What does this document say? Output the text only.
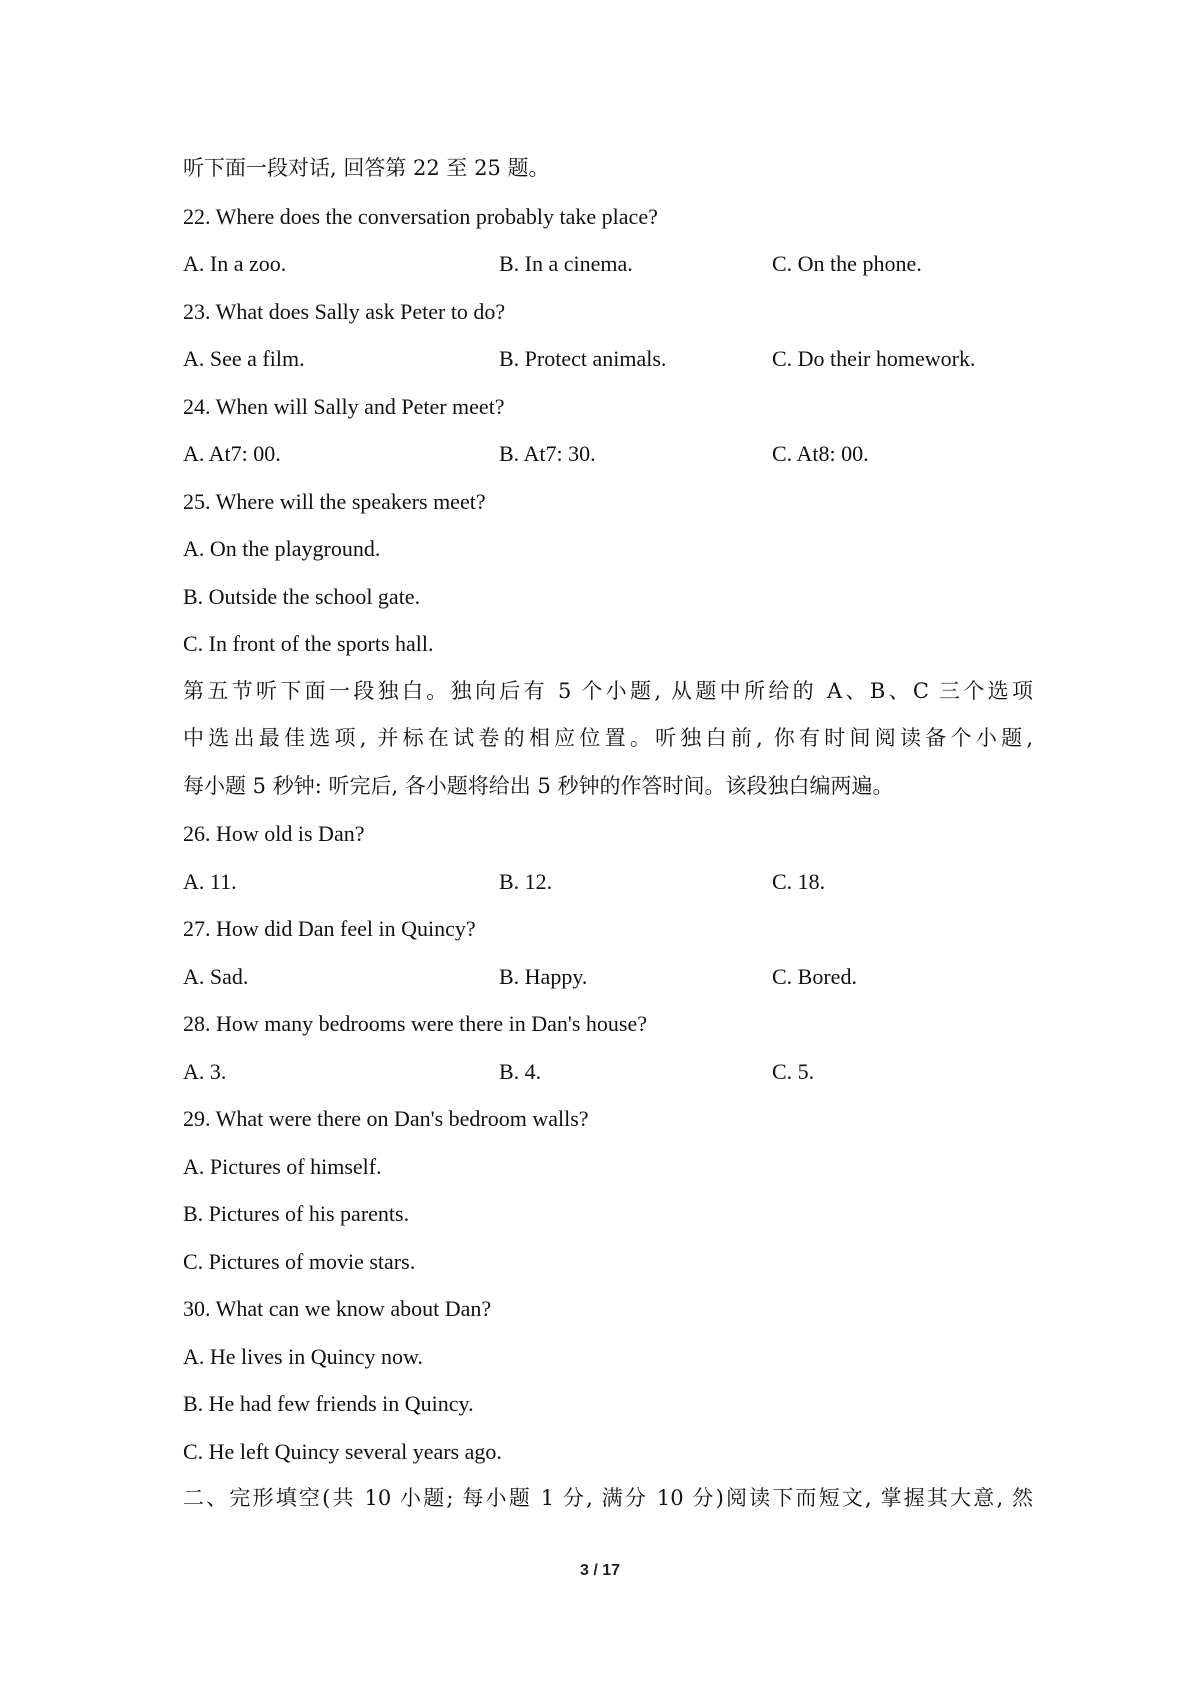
听下面一段对话, 回答第 22 至 25 题。
22. Where does the conversation probably take place?
A. In a zoo.	B. In a cinema.	C. On the phone.
23. What does Sally ask Peter to do?
A. See a film.	B. Protect animals.	C. Do their homework.
24. When will Sally and Peter meet?
A. At7: 00.	B. At7: 30.	C. At8: 00.
25. Where will the speakers meet?
A. On the playground.
B. Outside the school gate.
C. In front of the sports hall.
第五节听下面一段独白。独向后有 5 个小题, 从题中所给的 A、B、C 三个选项
中选出最佳选项, 并标在试卷的相应位置。听独白前, 你有时间阅读备个小题,
每小题 5 秒钟: 听完后, 各小题将给出 5 秒钟的作答时间。该段独白编两遍。
26. How old is Dan?
A. 11.	B. 12.	C. 18.
27. How did Dan feel in Quincy?
A. Sad.	B. Happy.	C. Bored.
28. How many bedrooms were there in Dan's house?
A. 3.	B. 4.	C. 5.
29. What were there on Dan's bedroom walls?
A. Pictures of himself.
B. Pictures of his parents.
C. Pictures of movie stars.
30. What can we know about Dan?
A. He lives in Quincy now.
B. He had few friends in Quincy.
C. He left Quincy several years ago.
二、完形填空(共 10 小题; 每小题 1 分, 满分 10 分)阅读下而短文, 掌握其大意, 然
3 / 17
